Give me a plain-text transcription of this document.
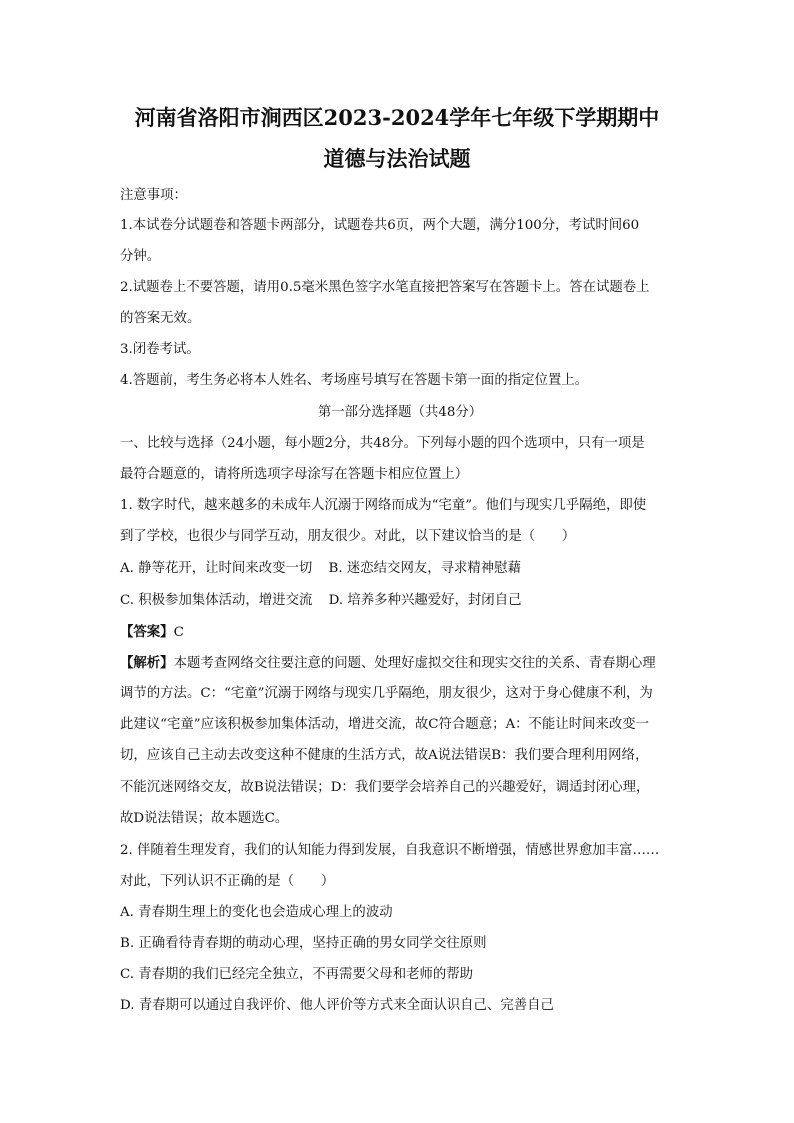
河南省洛阳市涧西区2023-2024学年七年级下学期期中
道德与法治试题

注意事项：

1.本试卷分试题卷和答题卡两部分，试题卷共6页，两个大题，满分100分，考试时间60

分钟。

2.试题卷上不要答题，请用0.5毫米黑色签字水笔直接把答案写在答题卡上。答在试题卷上

的答案无效。

3.闭卷考试。

4.答题前，考生务必将本人姓名、考场座号填写在答题卡第一面的指定位置上。

第一部分选择题（共48分）

一、比较与选择（24小题，每小题2分，共48分。下列每小题的四个选项中，只有一项是

最符合题意的，请将所选项字母涂写在答题卡相应位置上）

1. 数字时代，越来越多的未成年人沉溺于网络而成为“宅童”。他们与现实几乎隔绝，即使

到了学校，也很少与同学互动，朋友很少。对此，以下建议恰当的是（　　）

A. 静等花开，让时间来改变一切 B. 迷恋结交网友，寻求精神慰藉

C. 积极参加集体活动，增进交流 D. 培养多种兴趣爱好，封闭自己

【答案】C

【解析】本题考查网络交往要注意的问题、处理好虚拟交往和现实交往的关系、青春期心理

调节的方法。C：“宅童”沉溺于网络与现实几乎隔绝，朋友很少，这对于身心健康不利，为

此建议“宅童”应该积极参加集体活动，增进交流，故C符合题意；A：不能让时间来改变一

切，应该自己主动去改变这种不健康的生活方式，故A说法错误B：我们要合理利用网络，

不能沉迷网络交友，故B说法错误；D：我们要学会培养自己的兴趣爱好，调适封闭心理，

故D说法错误；故本题选C。

2. 伴随着生理发育，我们的认知能力得到发展，自我意识不断增强，情感世界愈加丰富……

对此，下列认识不正确的是（　　）

A. 青春期生理上的变化也会造成心理上的波动

B. 正确看待青春期的萌动心理，坚持正确的男女同学交往原则

C. 青春期的我们已经完全独立，不再需要父母和老师的帮助

D. 青春期可以通过自我评价、他人评价等方式来全面认识自己、完善自己
